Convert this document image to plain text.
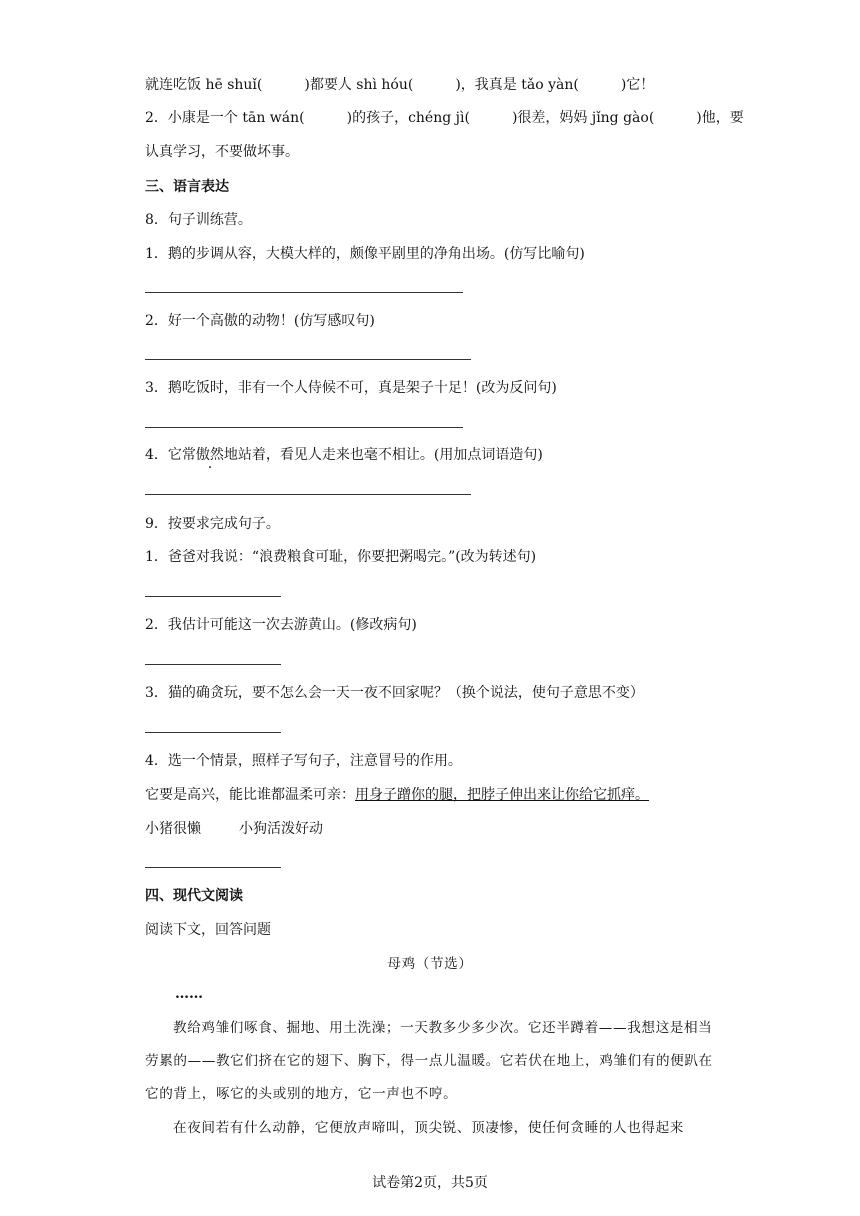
就连吃饭 hē shuǐ(	)都要人 shì hóu(	)，我真是 tǎo yàn(	)它！
2．小康是一个 tān wán(	)的孩子，chéng jì(	)很差，妈妈 jǐng gào(	)他，要
认真学习，不要做坏事。
三、语言表达
8．句子训练营。
1．鹅的步调从容，大模大样的，颇像平剧里的净角出场。(仿写比喻句)
2．好一个高傲的动物！(仿写感叹句)
3．鹅吃饭时，非有一个人侍候不可，真是架子十足！(改为反问句)
4．它常傲然地站着，看见人走来也毫不相让。(用加点词语造句)
9．按要求完成句子。
1．爸爸对我说：“浪费粮食可耻，你要把粥喝完。”(改为转述句)
2．我估计可能这一次去游黄山。(修改病句)
3．猫的确贪玩，要不怎么会一天一夜不回家呢？（换个说法，使句子意思不变）
4．选一个情景，照样子写句子，注意冒号的作用。
它要是高兴，能比谁都温柔可亲：用身子蹭你的腿，把脖子伸出来让你给它抓痒。
小猪很懒	小狗活泼好动
四、现代文阅读
阅读下文，回答问题
母鸡（节选）
……
教给鸡雏们啄食、掘地、用土洗澡；一天教多少多少次。它还半蹲着——我想这是相当劳累的——教它们挤在它的翅下、胸下，得一点儿温暖。它若伏在地上，鸡雏们有的便趴在它的背上，啄它的头或别的地方，它一声也不哼。
在夜间若有什么动静，它便放声啼叫，顶尖锐、顶凄惨，使任何贪睡的人也得起来
试卷第2页，共5页
